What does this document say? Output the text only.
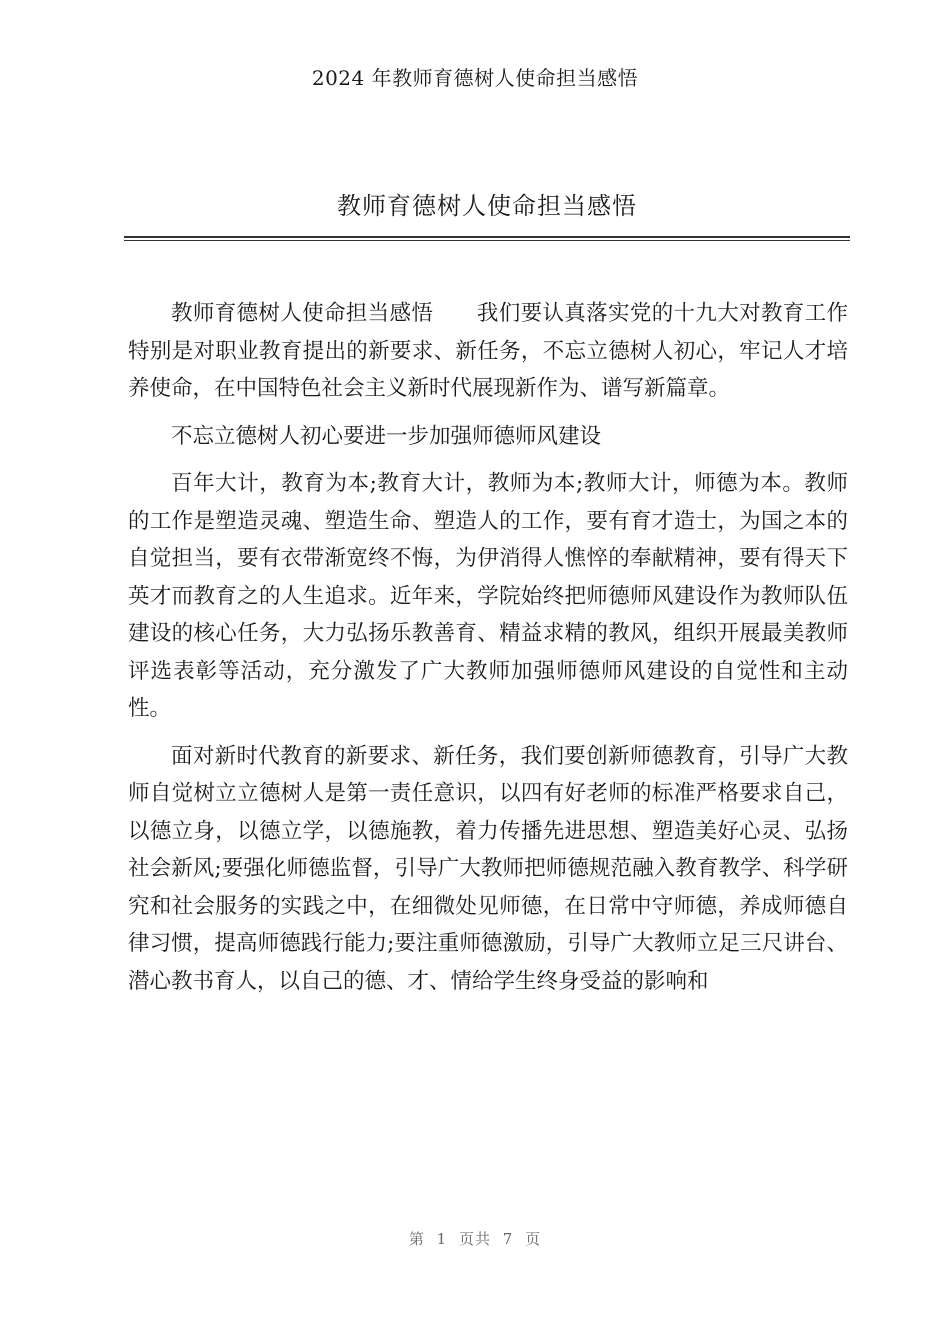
2024 年教师育德树人使命担当感悟
教师育德树人使命担当感悟

教师育德树人使命担当感悟　　我们要认真落实党的十九大对教育工作特别是对职业教育提出的新要求、新任务，不忘立德树人初心，牢记人才培养使命，在中国特色社会主义新时代展现新作为、谱写新篇章。

不忘立德树人初心要进一步加强师德师风建设

百年大计，教育为本;教育大计，教师为本;教师大计，师德为本。教师的工作是塑造灵魂、塑造生命、塑造人的工作，要有育才造士，为国之本的自觉担当，要有衣带渐宽终不悔，为伊消得人憔悴的奉献精神，要有得天下英才而教育之的人生追求。近年来，学院始终把师德师风建设作为教师队伍建设的核心任务，大力弘扬乐教善育、精益求精的教风，组织开展最美教师评选表彰等活动，充分激发了广大教师加强师德师风建设的自觉性和主动性。

面对新时代教育的新要求、新任务，我们要创新师德教育，引导广大教师自觉树立立德树人是第一责任意识，以四有好老师的标准严格要求自己，以德立身，以德立学，以德施教，着力传播先进思想、塑造美好心灵、弘扬社会新风;要强化师德监督，引导广大教师把师德规范融入教育教学、科学研究和社会服务的实践之中，在细微处见师德，在日常中守师德，养成师德自律习惯，提高师德践行能力;要注重师德激励，引导广大教师立足三尺讲台、潜心教书育人，以自己的德、才、情给学生终身受益的影响和

第 1 页共 7 页
